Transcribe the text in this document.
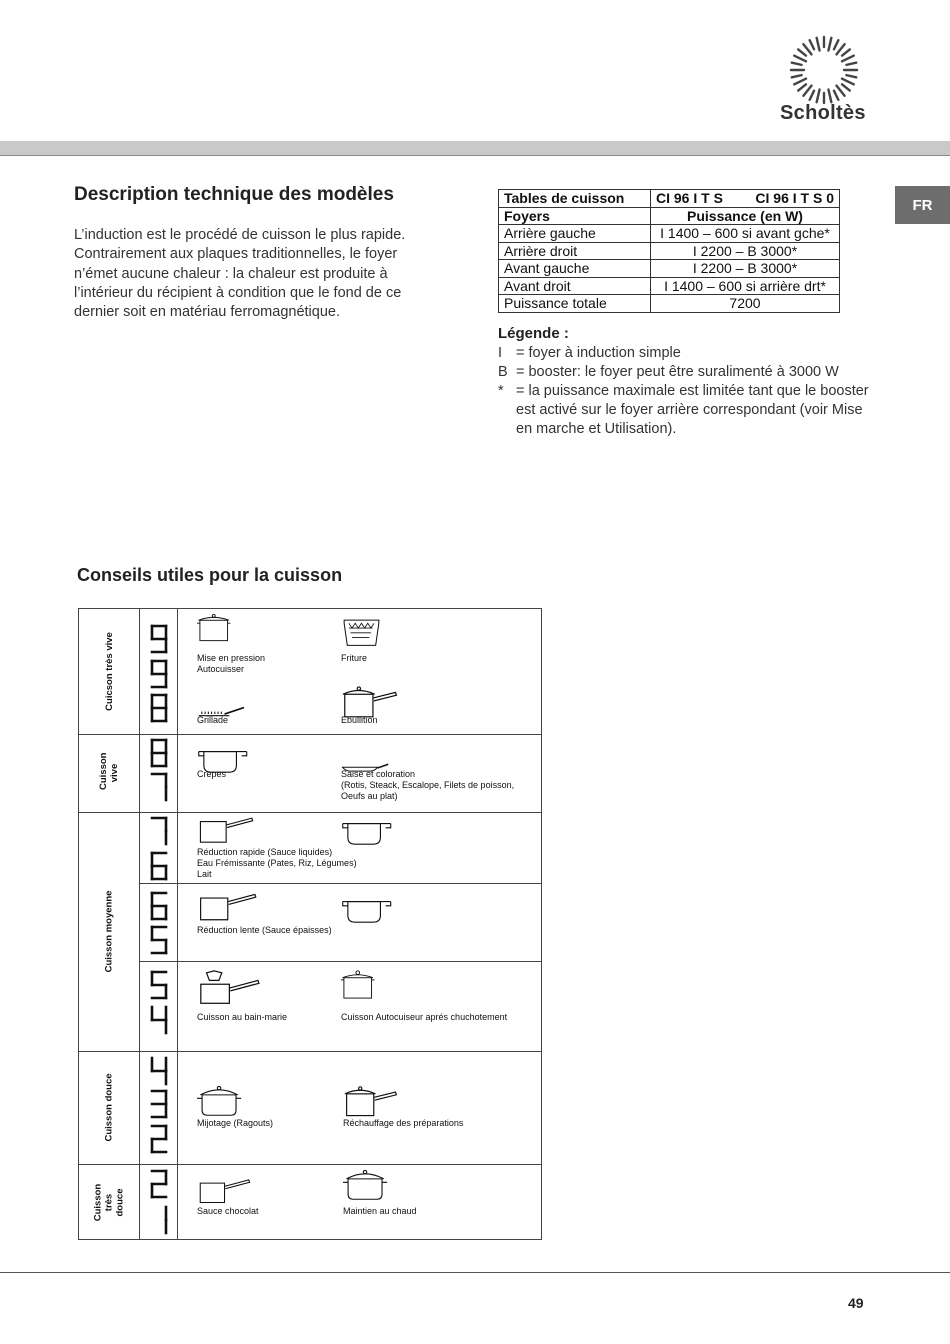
Scholtès
FR
Description technique des modèles
L’induction est le procédé de cuisson le plus rapide. Contrairement aux plaques traditionnelles, le foyer n’émet aucune chaleur : la chaleur est produite à l’intérieur du récipient à condition que le fond de ce dernier soit en matériau ferromagnétique.
Tables de cuisson	CI 96 I T S CI 96 I T S 0

Foyers	Puissance (en W)
Arrière gauche	I 1400 – 600 si avant gche*
Arrière droit	I 2200 – B 3000*
Avant gauche	I 2200 – B 3000*
Avant droit	I 1400 – 600 si arrière drt*
Puissance totale	7200
Légende :
I = foyer à induction simple
B = booster: le foyer peut être suralimenté à 3000 W
* = la puissance maximale est limitée tant que le booster est activé sur le foyer arrière correspondant (voir Mise en marche et Utilisation).
Conseils utiles pour la cuisson
Cuicson très vive
Cuisson vive
Cuisson moyenne
Cuisson douce
Cuisson très douce
Mise en pression
Autocuisser
Friture
Grillade	Ebullition
Crepes	Saise et coloration
(Rotis, Steack, Escalope, Filets de poisson,
Oeufs au plat)
Réduction rapide (Sauce liquides)
Eau Frémissante (Pates, Riz, Légumes)
Lait
Réduction lente (Sauce épaisses)
Cuisson au bain-marie	Cuisson Autocuiseur aprés chuchotement
Mijotage (Ragouts)	Réchauffage des préparations
Sauce chocolat	Maintien au chaud
49
